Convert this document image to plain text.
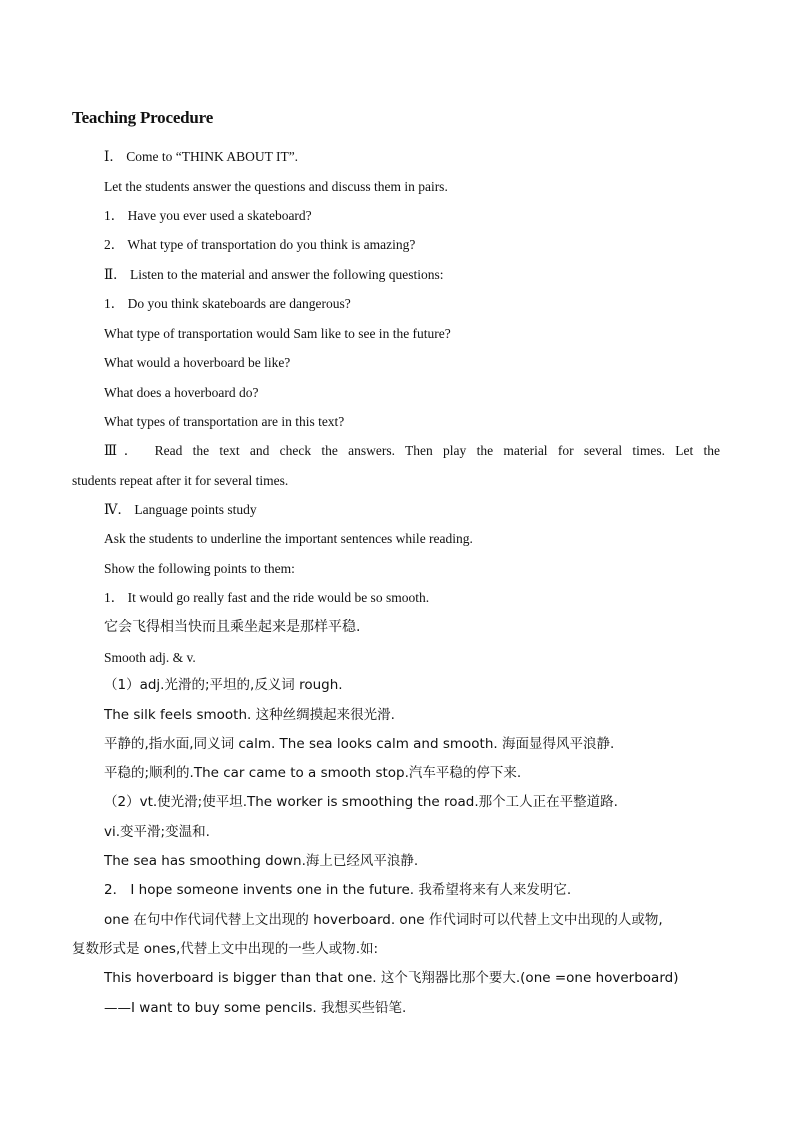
Teaching Procedure
Ⅰ． Come to “THINK ABOUT IT”.
Let the students answer the questions and discuss them in pairs.
1． Have you ever used a skateboard?
2． What type of transportation do you think is amazing?
Ⅱ． Listen to the material and answer the following questions:
1． Do you think skateboards are dangerous?
What type of transportation would Sam like to see in the future?
What would a hoverboard be like?
What does a hoverboard do?
What types of transportation are in this text?
Ⅲ． Read the text and check the answers. Then play the material for several times. Let the
students repeat after it for several times.
Ⅳ． Language points study
Ask the students to underline the important sentences while reading.
Show the following points to them:
1． It would go really fast and the ride would be so smooth.
它会飞得相当快而且乘坐起来是那样平稳.
Smooth adj. & v.
（1）adj.光滑的;平坦的,反义词 rough.
The silk feels smooth. 这种丝绸摸起来很光滑.
平静的,指水面,同义词 calm. The sea looks calm and smooth. 海面显得风平浪静.
平稳的;顺利的.The car came to a smooth stop.汽车平稳的停下来.
（2）vt.使光滑;使平坦.The worker is smoothing the road.那个工人正在平整道路.
vi.变平滑;变温和.
The sea has smoothing down.海上已经风平浪静.
2． I hope someone invents one in the future. 我希望将来有人来发明它.
one 在句中作代词代替上文出现的 hoverboard. one 作代词时可以代替上文中出现的人或物,
复数形式是 ones,代替上文中出现的一些人或物.如:
This hoverboard is bigger than that one. 这个飞翔器比那个要大.(one =one hoverboard)
——I want to buy some pencils. 我想买些铅笔.
